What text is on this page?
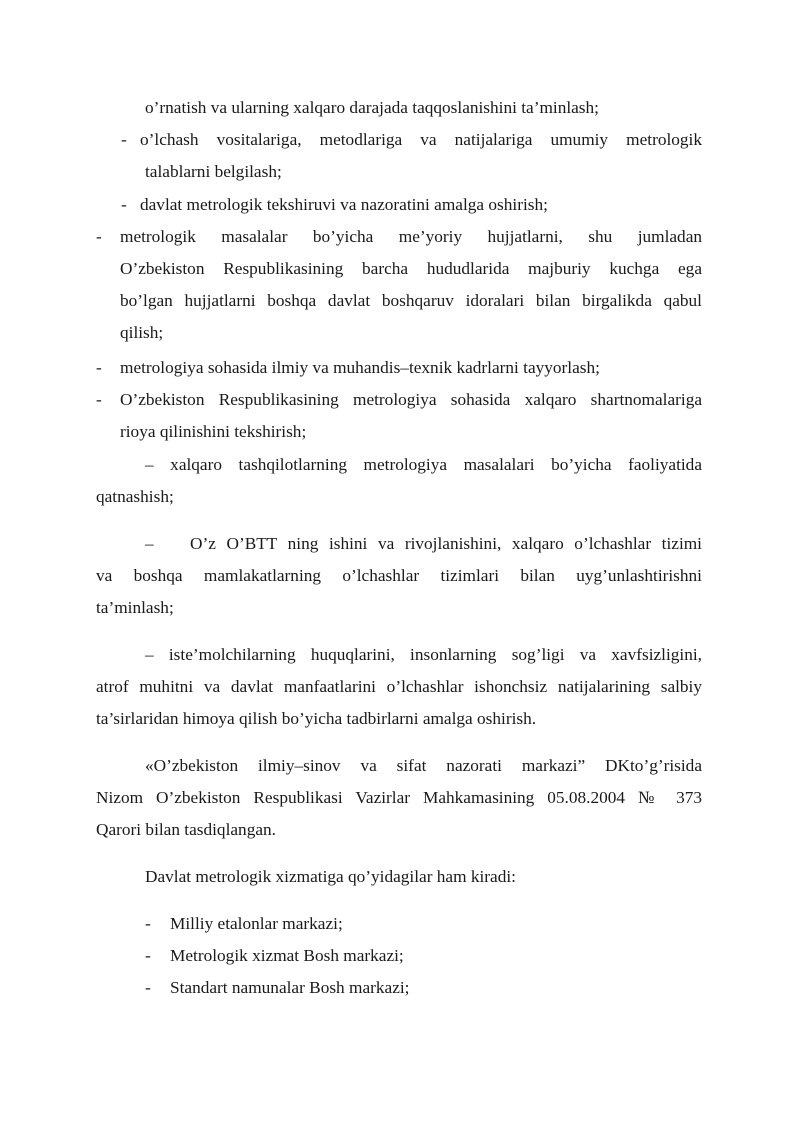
o’rnatish va ularning xalqaro darajada taqqoslanishini ta’minlash;
- o’lchash vositalariga, metodlariga va natijalariga umumiy metrologik
talablarni belgilash;
- davlat metrologik tekshiruvi va nazoratini amalga oshirish;
- metrologik masalalar bo’yicha me’yoriy hujjatlarni, shu jumladan
O’zbekiston Respublikasining barcha hududlarida majburiy kuchga ega
bo’lgan hujjatlarni boshqa davlat boshqaruv idoralari bilan birgalikda qabul
qilish;
- metrologiya sohasida ilmiy va muhandis–texnik kadrlarni tayyorlash;
- O’zbekiston Respublikasining metrologiya sohasida xalqaro shartnomalariga
rioya qilinishini tekshirish;
– xalqaro tashqilotlarning metrologiya masalalari bo’yicha faoliyatida
qatnashish;
– O’z O’BTT ning ishini va rivojlanishini, xalqaro o’lchashlar tizimi
va boshqa mamlakatlarning o’lchashlar tizimlari bilan uyg’unlashtirishni
ta’minlash;
– iste’molchilarning huquqlarini, insonlarning sog’ligi va xavfsizligini,
atrof muhitni va davlat manfaatlarini o’lchashlar ishonchsiz natijalarining salbiy
ta’sirlaridan himoya qilish bo’yicha tadbirlarni amalga oshirish.
«O’zbekiston ilmiy–sinov va sifat nazorati markazi” DKto’g’risida
Nizom O’zbekiston Respublikasi Vazirlar Mahkamasining 05.08.2004 № 373
Qarori bilan tasdiqlangan.
Davlat metrologik xizmatiga qo’yidagilar ham kiradi:
- Milliy etalonlar markazi;
- Metrologik xizmat Bosh markazi;
- Standart namunalar Bosh markazi;
